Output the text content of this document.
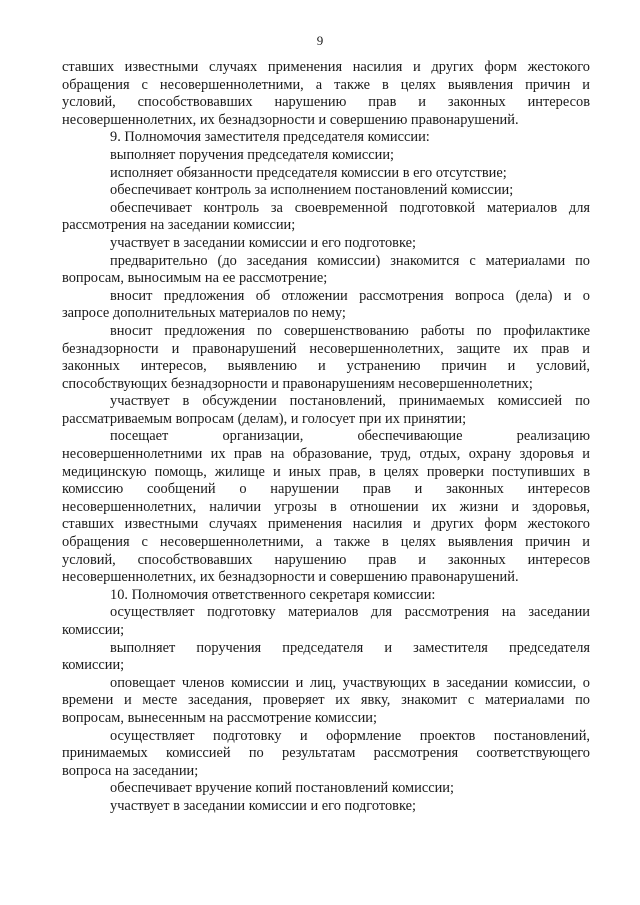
9
ставших известными случаях применения насилия и других форм жестокого
обращения с несовершеннолетними, а также в целях выявления причин и
условий, способствовавших нарушению прав и законных интересов
несовершеннолетних, их безнадзорности и совершению правонарушений.
9. Полномочия заместителя председателя комиссии:
выполняет поручения председателя комиссии;
исполняет обязанности председателя комиссии в его отсутствие;
обеспечивает контроль за исполнением постановлений комиссии;
обеспечивает контроль за своевременной подготовкой материалов для
рассмотрения на заседании комиссии;
участвует в заседании комиссии и его подготовке;
предварительно (до заседания комиссии) знакомится с материалами по
вопросам, выносимым на ее рассмотрение;
вносит предложения об отложении рассмотрения вопроса (дела) и о
запросе дополнительных материалов по нему;
вносит предложения по совершенствованию работы по профилактике
безнадзорности и правонарушений несовершеннолетних, защите их прав и
законных интересов, выявлению и устранению причин и условий,
способствующих безнадзорности и правонарушениям несовершеннолетних;
участвует в обсуждении постановлений, принимаемых комиссией по
рассматриваемым вопросам (делам), и голосует при их принятии;
посещает организации, обеспечивающие реализацию
несовершеннолетними их прав на образование, труд, отдых, охрану здоровья и
медицинскую помощь, жилище и иных прав, в целях проверки поступивших в
комиссию сообщений о нарушении прав и законных интересов
несовершеннолетних, наличии угрозы в отношении их жизни и здоровья,
ставших известными случаях применения насилия и других форм жестокого
обращения с несовершеннолетними, а также в целях выявления причин и
условий, способствовавших нарушению прав и законных интересов
несовершеннолетних, их безнадзорности и совершению правонарушений.
10. Полномочия ответственного секретаря комиссии:
осуществляет подготовку материалов для рассмотрения на заседании
комиссии;
выполняет поручения председателя и заместителя председателя
комиссии;
оповещает членов комиссии и лиц, участвующих в заседании комиссии, о
времени и месте заседания, проверяет их явку, знакомит с материалами по
вопросам, вынесенным на рассмотрение комиссии;
осуществляет подготовку и оформление проектов постановлений,
принимаемых комиссией по результатам рассмотрения соответствующего
вопроса на заседании;
обеспечивает вручение копий постановлений комиссии;
участвует в заседании комиссии и его подготовке;
